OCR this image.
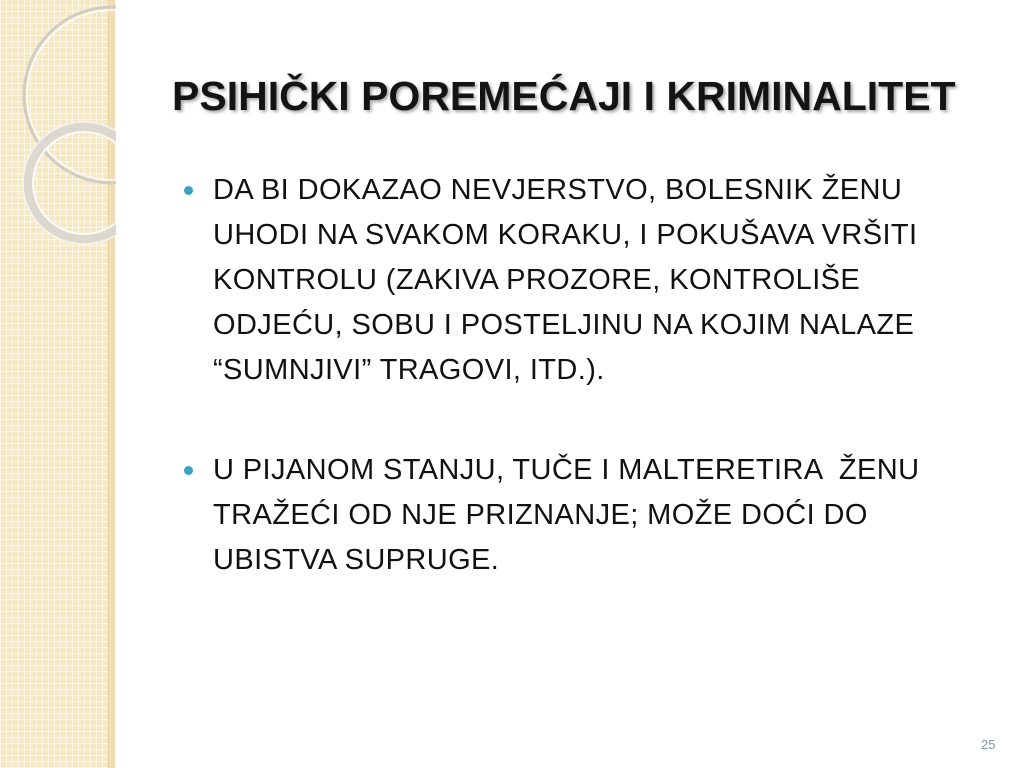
PSIHIČKI POREMEĆAJI I KRIMINALITET
DA BI DOKAZAO NEVJERSTVO, BOLESNIK ŽENU
UHODI NA SVAKOM KORAKU, I POKUŠAVA VRŠITI
KONTROLU (ZAKIVA PROZORE, KONTROLIŠE
ODJEĆU, SOBU I POSTELJINU NA KOJIM NALAZE
“SUMNJIVI” TRAGOVI, ITD.).
U PIJANOM STANJU, TUČE I MALTERETIRA  ŽENU
TRAŽEĆI OD NJE PRIZNANJE; MOŽE DOĆI DO
UBISTVA SUPRUGE.
25
